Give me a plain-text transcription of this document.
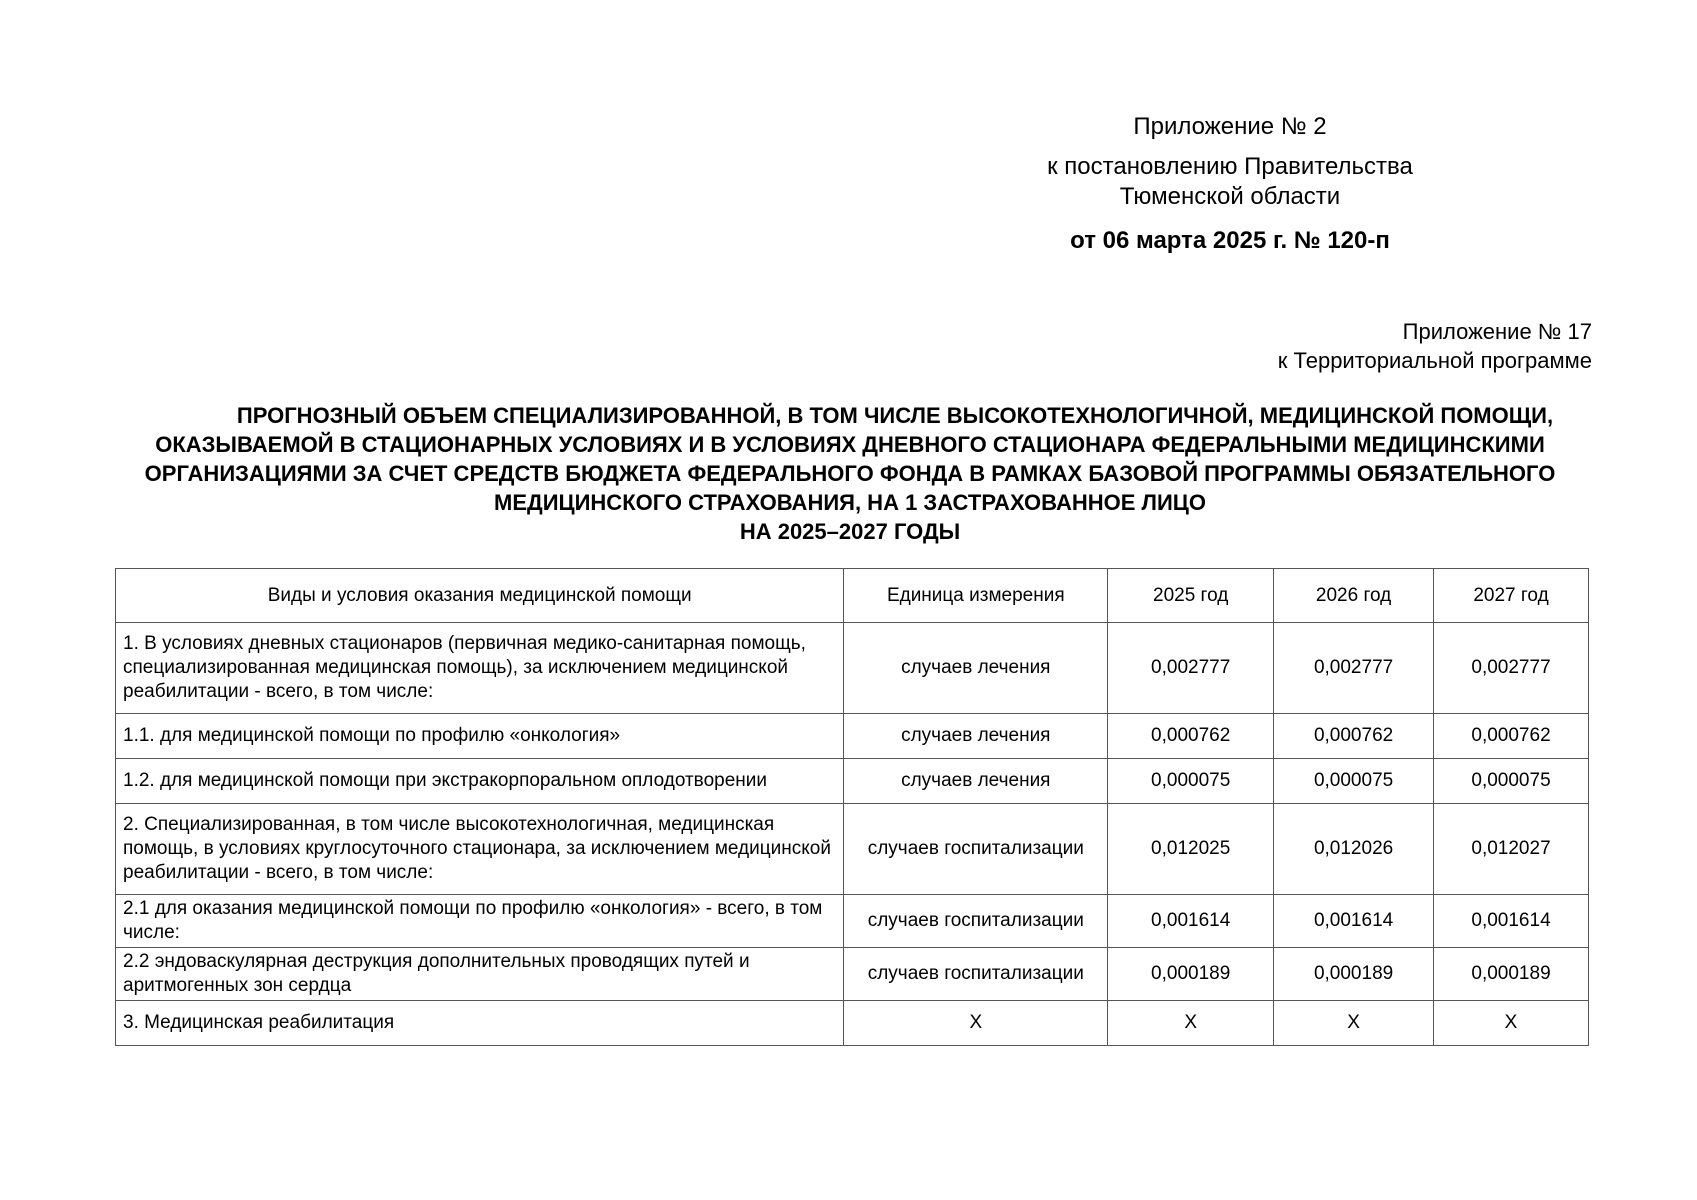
Приложение № 2
к постановлению Правительства
Тюменской области
от 06 марта 2025 г. № 120-п
Приложение № 17
к Территориальной программе
ПРОГНОЗНЫЙ ОБЪЕМ СПЕЦИАЛИЗИРОВАННОЙ, В ТОМ ЧИСЛЕ ВЫСОКОТЕХНОЛОГИЧНОЙ, МЕДИЦИНСКОЙ ПОМОЩИ, ОКАЗЫВАЕМОЙ В СТАЦИОНАРНЫХ УСЛОВИЯХ И В УСЛОВИЯХ ДНЕВНОГО СТАЦИОНАРА ФЕДЕРАЛЬНЫМИ МЕДИЦИНСКИМИ ОРГАНИЗАЦИЯМИ ЗА СЧЕТ СРЕДСТВ БЮДЖЕТА ФЕДЕРАЛЬНОГО ФОНДА В РАМКАХ БАЗОВОЙ ПРОГРАММЫ ОБЯЗАТЕЛЬНОГО МЕДИЦИНСКОГО СТРАХОВАНИЯ, НА 1 ЗАСТРАХОВАННОЕ ЛИЦО
НА 2025–2027 ГОДЫ
Виды и условия оказания медицинской помощи	Единица измерения	2025 год	2026 год	2027 год
1. В условиях дневных стационаров (первичная медико-санитарная помощь, специализированная медицинская помощь), за исключением медицинской реабилитации - всего, в том числе:	случаев лечения	0,002777	0,002777	0,002777
1.1. для медицинской помощи по профилю «онкология»	случаев лечения	0,000762	0,000762	0,000762
1.2. для медицинской помощи при экстракорпоральном оплодотворении	случаев лечения	0,000075	0,000075	0,000075
2. Специализированная, в том числе высокотехнологичная, медицинская помощь, в условиях круглосуточного стационара, за исключением медицинской реабилитации - всего, в том числе:	случаев госпитализации	0,012025	0,012026	0,012027
2.1 для оказания медицинской помощи по профилю «онкология» - всего, в том числе:	случаев госпитализации	0,001614	0,001614	0,001614
2.2 эндоваскулярная деструкция дополнительных проводящих путей и аритмогенных зон сердца	случаев госпитализации	0,000189	0,000189	0,000189
3. Медицинская реабилитация	X	X	X	X
